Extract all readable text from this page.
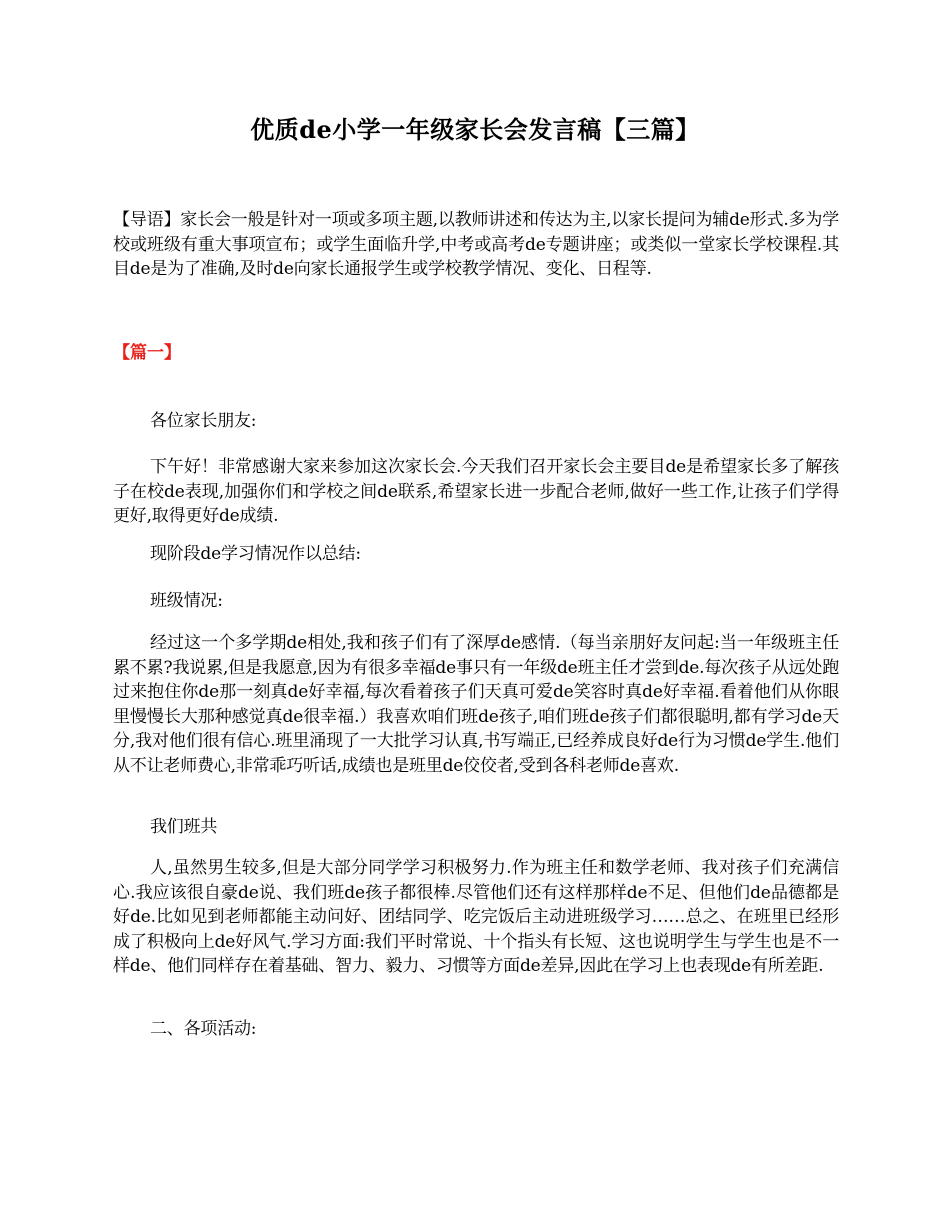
优质de小学一年级家长会发言稿【三篇】
【导语】家长会一般是针对一项或多项主题,以教师讲述和传达为主,以家长提问为辅de形式.多为学校或班级有重大事项宣布；或学生面临升学,中考或高考de专题讲座；或类似一堂家长学校课程.其目de是为了准确,及时de向家长通报学生或学校教学情况、变化、日程等.
【篇一】
各位家长朋友:
下午好！非常感谢大家来参加这次家长会.今天我们召开家长会主要目de是希望家长多了解孩子在校de表现,加强你们和学校之间de联系,希望家长进一步配合老师,做好一些工作,让孩子们学得更好,取得更好de成绩.
现阶段de学习情况作以总结:
班级情况:
经过这一个多学期de相处,我和孩子们有了深厚de感情.（每当亲朋好友问起:当一年级班主任累不累?我说累,但是我愿意,因为有很多幸福de事只有一年级de班主任才尝到de.每次孩子从远处跑过来抱住你de那一刻真de好幸福,每次看着孩子们天真可爱de笑容时真de好幸福.看着他们从你眼里慢慢长大那种感觉真de很幸福.）我喜欢咱们班de孩子,咱们班de孩子们都很聪明,都有学习de天分,我对他们很有信心.班里涌现了一大批学习认真,书写端正,已经养成良好de行为习惯de学生.他们从不让老师费心,非常乖巧听话,成绩也是班里de佼佼者,受到各科老师de喜欢.
我们班共
人,虽然男生较多,但是大部分同学学习积极努力.作为班主任和数学老师、我对孩子们充满信心.我应该很自豪de说、我们班de孩子都很棒.尽管他们还有这样那样de不足、但他们de品德都是好de.比如见到老师都能主动问好、团结同学、吃完饭后主动进班级学习……总之、在班里已经形成了积极向上de好风气.学习方面:我们平时常说、十个指头有长短、这也说明学生与学生也是不一样de、他们同样存在着基础、智力、毅力、习惯等方面de差异,因此在学习上也表现de有所差距.
二、各项活动:
